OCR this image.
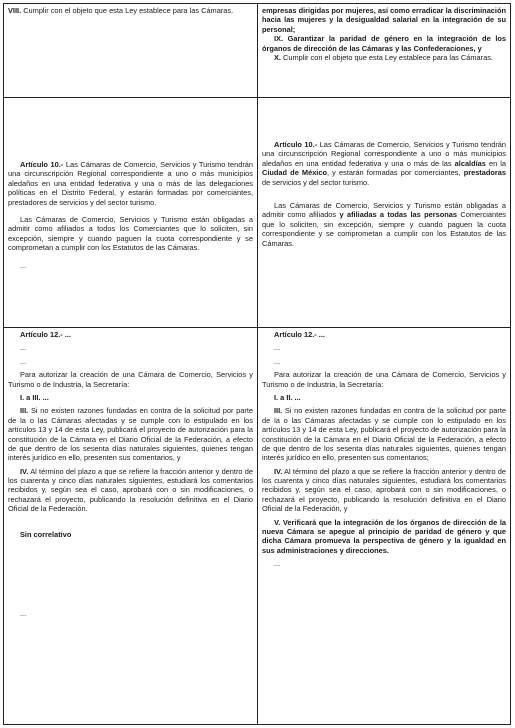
VIII. Cumplir con el objeto que esta Ley establece para las Cámaras.	empresas dirigidas por mujeres, así como erradicar la discriminación hacia las mujeres y la desigualdad salarial en la integración de su personal;

IX. Garantizar la paridad de género en la integración de los órganos de dirección de las Cámaras y las Confederaciones, y

X. Cumplir con el objeto que esta Ley establece para las Cámaras.

Artículo 10.- Las Cámaras de Comercio, Servicios y Turismo tendrán una circunscripción Regional correspondiente a uno o más municipios aledaños en una entidad federativa y una o más de las delegaciones políticas en el Distrito Federal, y estarán formadas por comerciantes, prestadores de servicios y del sector turismo.

Las Cámaras de Comercio, Servicios y Turismo están obligadas a admitir como afiliados a todos los Comerciantes que lo soliciten, sin excepción, siempre y cuando paguen la cuota correspondiente y se comprometan a cumplir con los Estatutos de las Cámaras.

...

Artículo 10.- Las Cámaras de Comercio, Servicios y Turismo tendrán una circunscripción Regional correspondiente a uno o más municipios aledaños en una entidad federativa y una o más de las alcaldías en la Ciudad de México, y estarán formadas por comerciantes, prestadoras de servicios y del sector turismo.

Las Cámaras de Comercio, Servicios y Turismo están obligadas a admitir como afiliados y afiliadas a todas las personas Comerciantes que lo soliciten, sin excepción, siempre y cuando paguen la cuota correspondiente y se comprometan a cumplir con los Estatutos de las Cámaras.

Artículo 12.- ...

...

...

Para autorizar la creación de una Cámara de Comercio, Servicios y Turismo o de Industria, la Secretaría:

I. a III. ...

III. Si no existen razones fundadas en contra de la solicitud por parte de la o las Cámaras afectadas y se cumple con lo estipulado en los artículos 13 y 14 de esta Ley, publicará el proyecto de autorización para la constitución de la Cámara en el Diario Oficial de la Federación, a efecto de que dentro de los sesenta días naturales siguientes, quienes tengan interés jurídico en ello, presenten sus comentarios, y

IV. Al término del plazo a que se refiere la fracción anterior y dentro de los cuarenta y cinco días naturales siguientes, estudiará los comentarios recibidos y, según sea el caso, aprobará con o sin modificaciones, o rechazará el proyecto, publicando la resolución definitiva en el Diario Oficial de la Federación.

Sin correlativo

...

Artículo 12.- ...

...

...

Para autorizar la creación de una Cámara de Comercio, Servicios y Turismo o de Industria, la Secretaría:

I. a II. ...

III. Si no existen razones fundadas en contra de la solicitud por parte de la o las Cámaras afectadas y se cumple con lo estipulado en los artículos 13 y 14 de esta Ley, publicará el proyecto de autorización para la constitución de la Cámara en el Diario Oficial de la Federación, a efecto de que dentro de los sesenta días naturales siguientes, quienes tengan interés jurídico en ello, presenten sus comentarios;

IV. Al término del plazo a que se refiere la fracción anterior y dentro de los cuarenta y cinco días naturales siguientes, estudiará los comentarios recibidos y, según sea el caso, aprobará con o sin modificaciones, o rechazará el proyecto, publicando la resolución definitiva en el Diario Oficial de la Federación, y

V. Verificará que la integración de los órganos de dirección de la nueva Cámara se apegue al principio de paridad de género y que dicha Cámara promueva la perspectiva de género y la igualdad en sus administraciones y direcciones.

...
